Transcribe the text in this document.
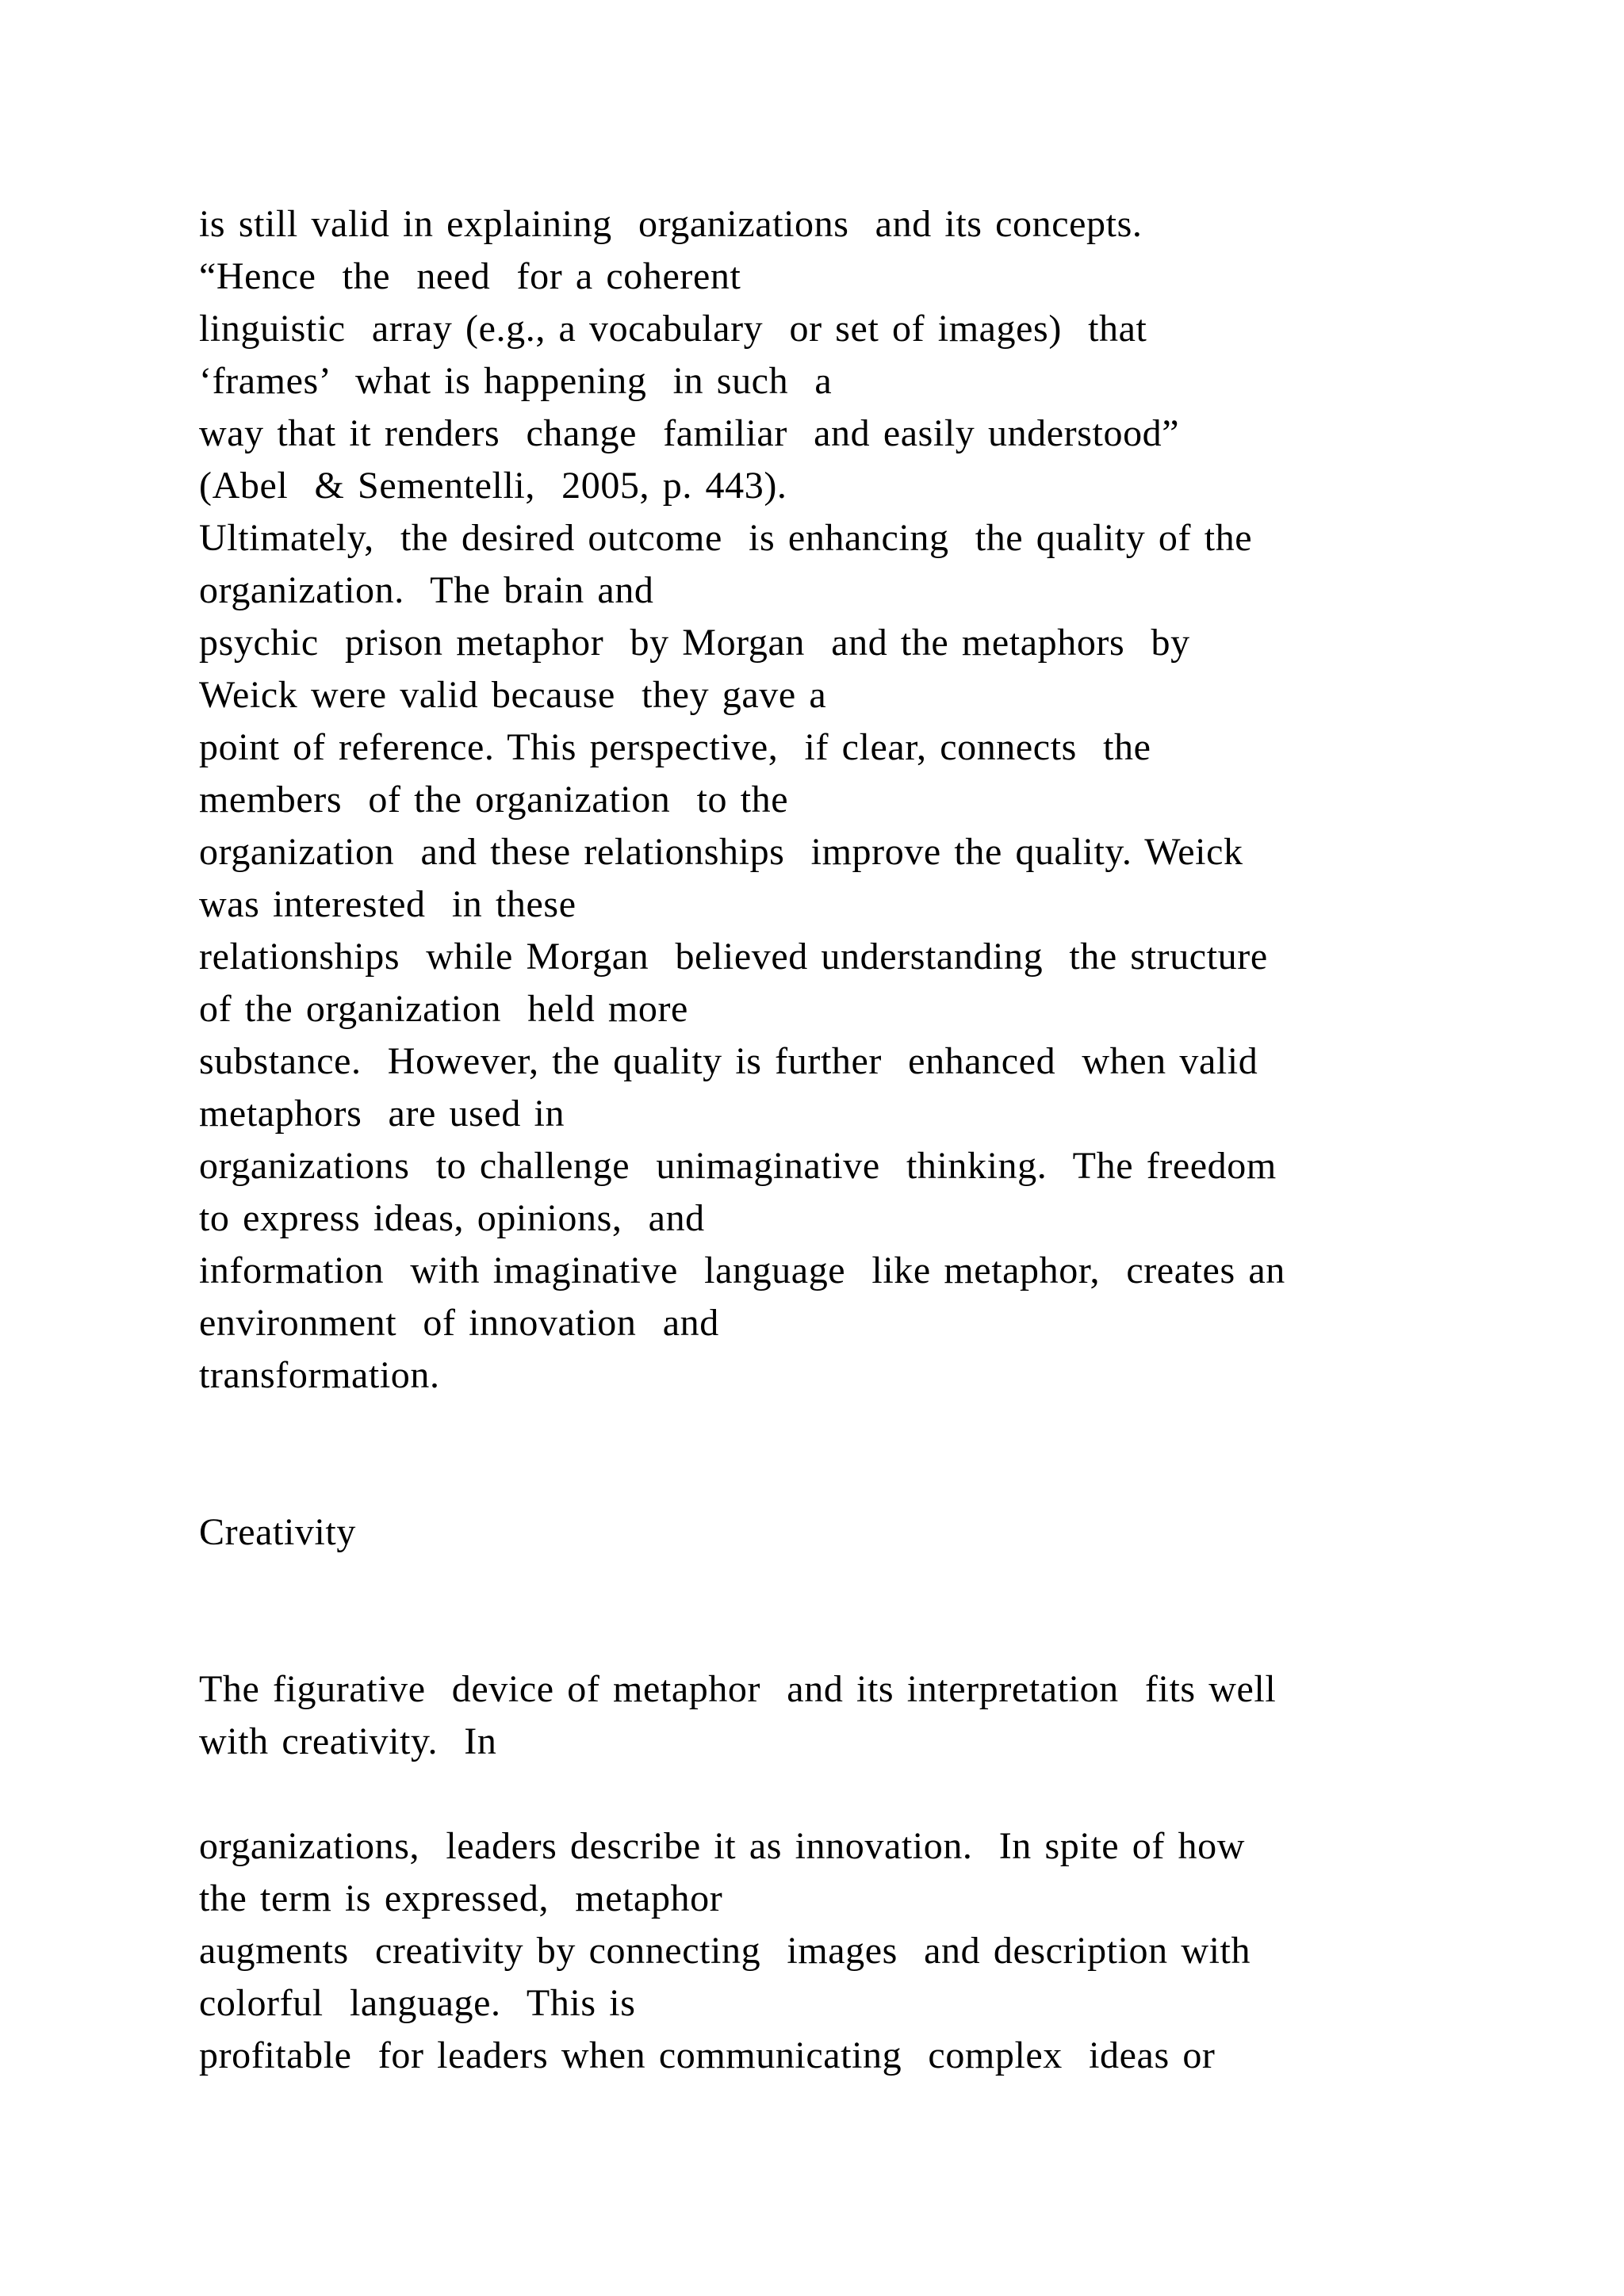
is still valid in explaining  organizations  and its concepts.
“Hence  the  need  for a coherent
linguistic  array (e.g., a vocabulary  or set of images)  that
‘frames’  what is happening  in such  a
way that it renders  change  familiar  and easily understood”
(Abel  & Sementelli,  2005, p. 443).
Ultimately,  the desired outcome  is enhancing  the quality of the
organization.  The brain and
psychic  prison metaphor  by Morgan  and the metaphors  by
Weick were valid because  they gave a
point of reference. This perspective,  if clear, connects  the
members  of the organization  to the
organization  and these relationships  improve the quality. Weick
was interested  in these
relationships  while Morgan  believed understanding  the structure
of the organization  held more
substance.  However, the quality is further  enhanced  when valid
metaphors  are used in
organizations  to challenge  unimaginative  thinking.  The freedom
to express ideas, opinions,  and
information  with imaginative  language  like metaphor,  creates an
environment  of innovation  and
transformation.
Creativity
The figurative  device of metaphor  and its interpretation  fits well
with creativity.  In
organizations,  leaders describe it as innovation.  In spite of how
the term is expressed,  metaphor
augments  creativity by connecting  images  and description with
colorful  language.  This is
profitable  for leaders when communicating  complex  ideas or
